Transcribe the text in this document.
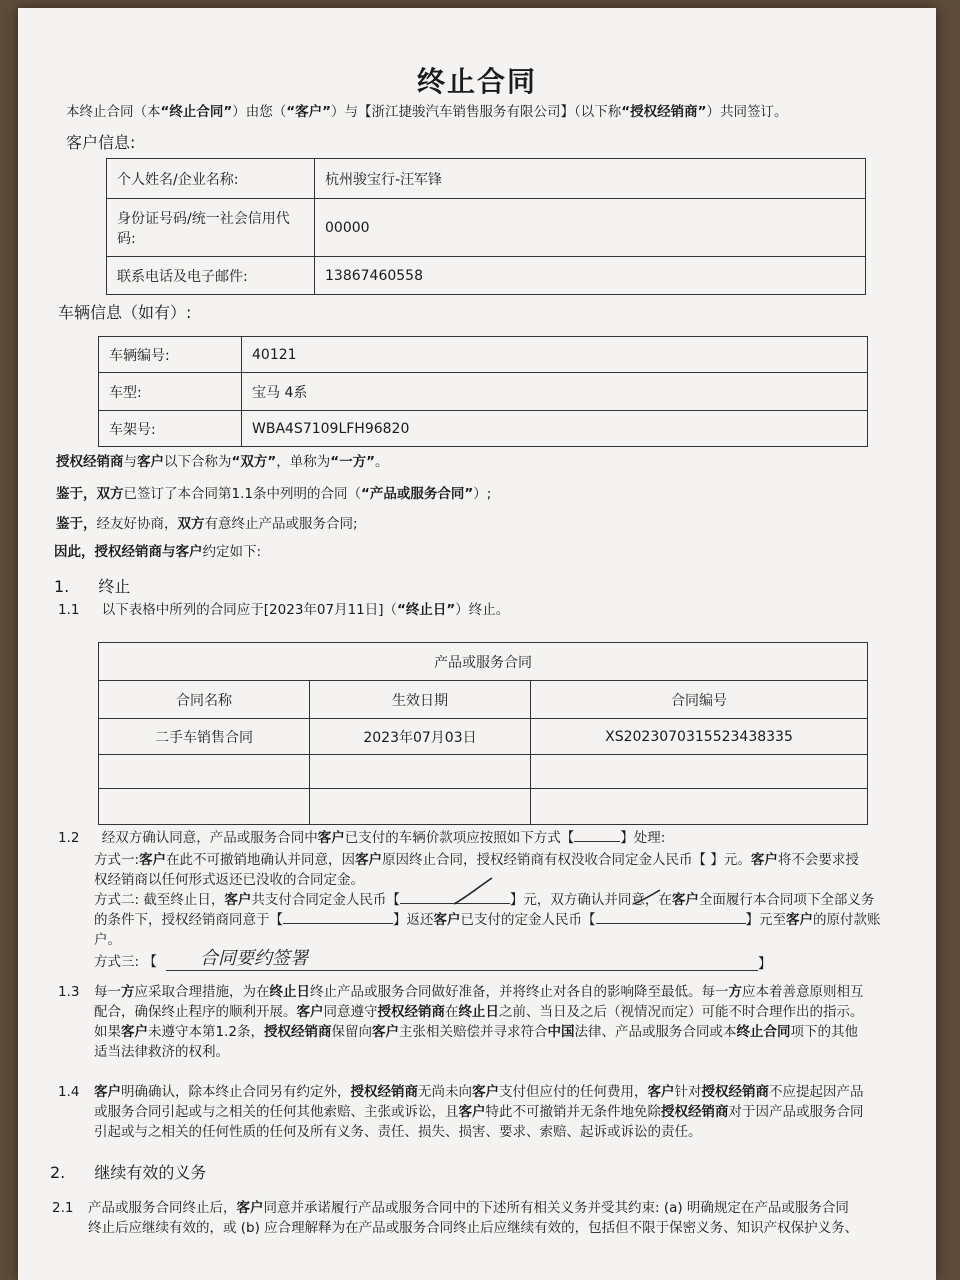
终止合同
本终止合同（本“终止合同”）由您（“客户”）与【浙江捷骏汽车销售服务有限公司】（以下称“授权经销商”）共同签订。
客户信息:
个人姓名/企业名称:	杭州骏宝行-汪军锋
身份证号码/统一社会信用代码:	00000
联系电话及电子邮件:	13867460558
车辆信息（如有）:
车辆编号:	40121
车型:	宝马 4系
车架号:	WBA4S7109LFH96820
授权经销商与客户以下合称为“双方”，单称为“一方”。
鉴于，双方已签订了本合同第1.1条中列明的合同（“产品或服务合同”）;
鉴于，经友好协商，双方有意终止产品或服务合同;
因此，授权经销商与客户约定如下:
1. 终止
1.1 以下表格中所列的合同应于[2023年07月11日]（“终止日”）终止。
产品或服务合同		
合同名称	生效日期	合同编号
二手车销售合同	2023年07月03日	XS2023070315523438335

1.2 经双方确认同意，产品或服务合同中客户已支付的车辆价款项应按照如下方式【	】处理:
方式一:客户在此不可撤销地确认并同意，因客户原因终止合同，授权经销商有权没收合同定金人民币【 】元。客户将不会要求授
权经销商以任何形式返还已没收的合同定金。
方式二: 截至终止日，客户共支付合同定金人民币【	】元，双方确认并同意，在客户全面履行本合同项下全部义务
的条件下，授权经销商同意于【	】返还客户已支付的定金人民币【	】元至客户的原付款账
户。
方式三: 【	】
合同要约签署
1.3	每一方应采取合理措施，为在终止日终止产品或服务合同做好准备，并将终止对各自的影响降至最低。每一方应本着善意原则相互
配合，确保终止程序的顺利开展。客户同意遵守授权经销商在终止日之前、当日及之后（视情况而定）可能不时合理作出的指示。
如果客户未遵守本第1.2条，授权经销商保留向客户主张相关赔偿并寻求符合中国法律、产品或服务合同或本终止合同项下的其他
适当法律救济的权利。
1.4	客户明确确认，除本终止合同另有约定外，授权经销商无尚未向客户支付但应付的任何费用，客户针对授权经销商不应提起因产品
或服务合同引起或与之相关的任何其他索赔、主张或诉讼，且客户特此不可撤销并无条件地免除授权经销商对于因产品或服务合同
引起或与之相关的任何性质的任何及所有义务、责任、损失、损害、要求、索赔、起诉或诉讼的责任。
2. 继续有效的义务
2.1	产品或服务合同终止后，客户同意并承诺履行产品或服务合同中的下述所有相关义务并受其约束: (a) 明确规定在产品或服务合同
终止后应继续有效的，或 (b) 应合理解释为在产品或服务合同终止后应继续有效的，包括但不限于保密义务、知识产权保护义务、
